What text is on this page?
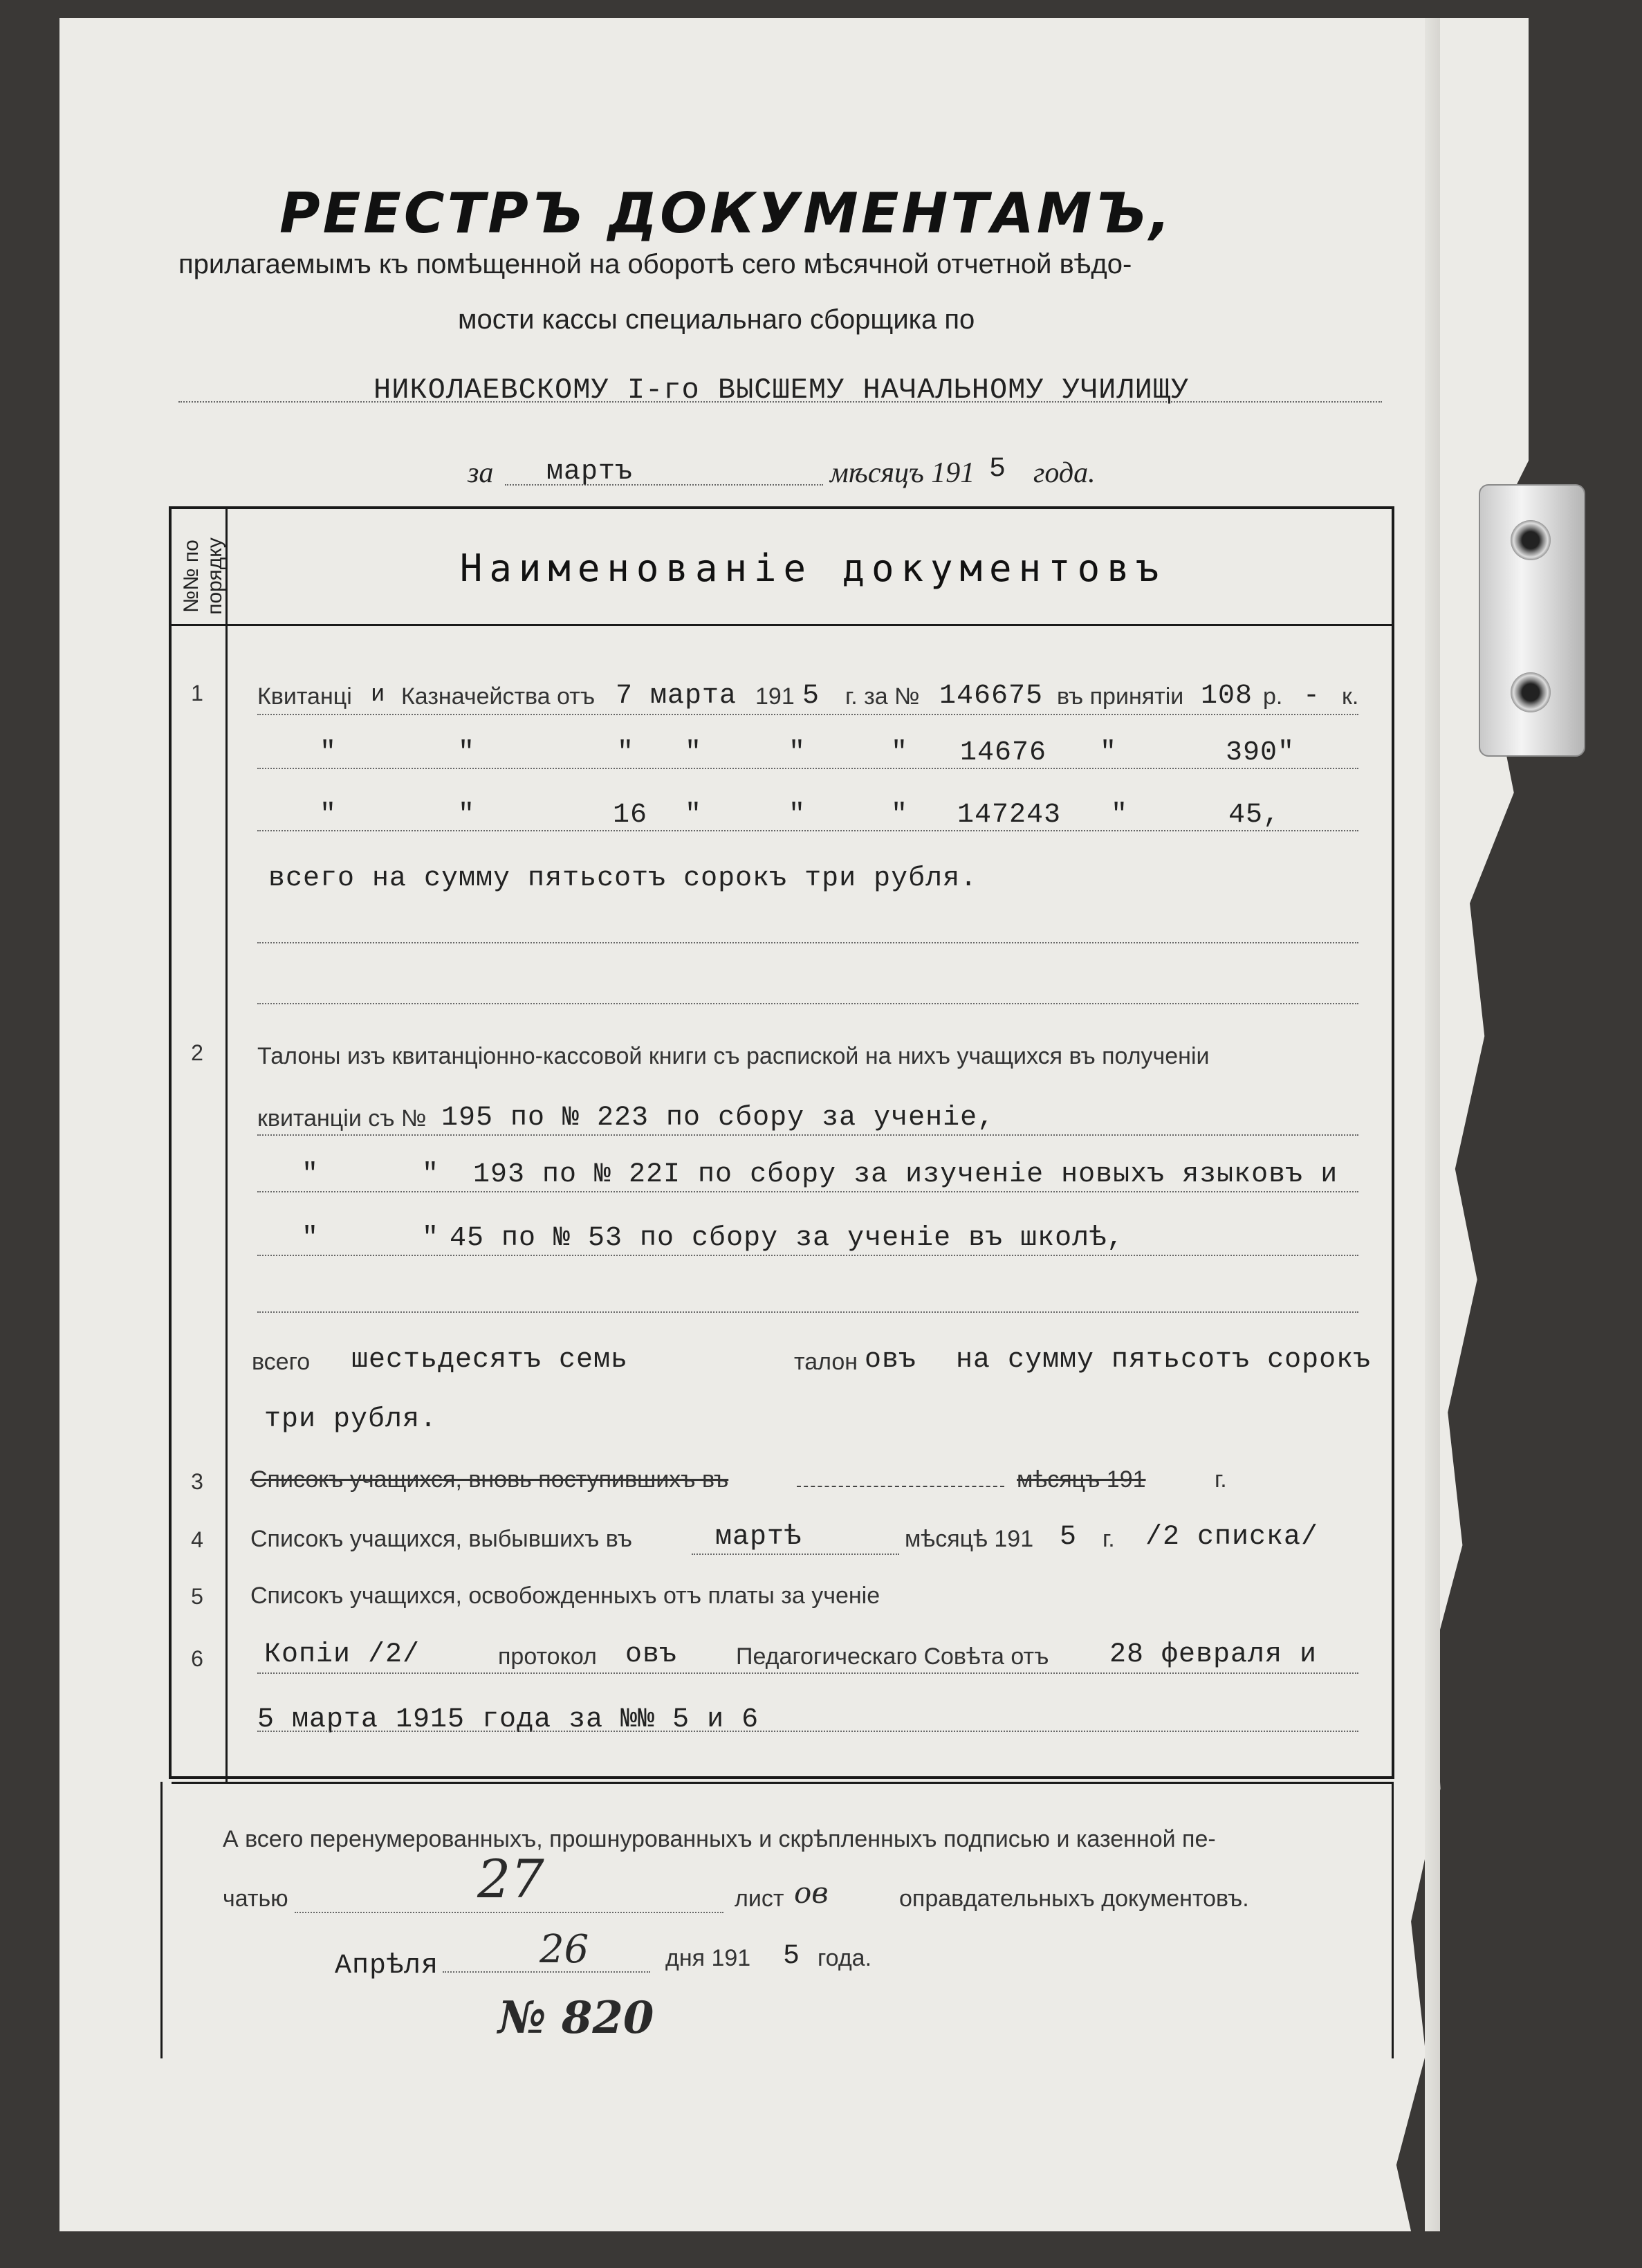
РЕЕСТРЪ ДОКУМЕНТАМЪ,
прилагаемымъ къ помѣщенной на оборотѣ сего мѣсячной отчетной вѣдо-
мости кассы специальнаго сборщика по
НИКОЛАЕВСКОМУ I-го ВЫСШЕМУ НАЧАЛЬНОМУ УЧИЛИЩУ
за мартъ	мѣсяцъ 191 5 года.
№№ по порядку	Наименованіе документовъ
1 Квитанці и Казначейства отъ 7 марта 191 5 г. за № 146675 въ принятіи 108 р. - к.
"	"	" "	"	" 14676 "	390"
"	"	16 "	"	" 147243 "	45,
всего на сумму пятьсотъ сорокъ три рубля.
2 Талоны изъ квитанціонно-кассовой книги съ распиской на нихъ учащихся въ полученіи
квитанціи съ № 195 по № 223 по сбору за ученіе,
"	" 193 по № 22I по сбору за изученіе новыхъ языковъ и
"	" 45 по № 53 по сбору за ученіе въ школѣ,
всего шестьдесятъ семь	талон овъ на сумму пятьсотъ сорокъ
три рубля.
3 Списокъ учащихся, вновь поступившихъ въ	мѣсяцъ 191	г.
4 Списокъ учащихся, выбывшихъ въ	мартѣ	мѣсяцѣ 191 5 г. /2 списка/
5 Списокъ учащихся, освобожденныхъ отъ платы за ученіе
6 Копіи /2/	протокол овъ Педагогическаго Совѣта отъ 28 февраля и
5 марта 1915 года за №№ 5 и 6
А всего перенумерованныхъ, прошнурованныхъ и скрѣпленныхъ подписью и казенной пе-
чатью	27	лист ов	оправдательныхъ документовъ.
Апрѣля	26	дня 191 5 года.
№ 820
